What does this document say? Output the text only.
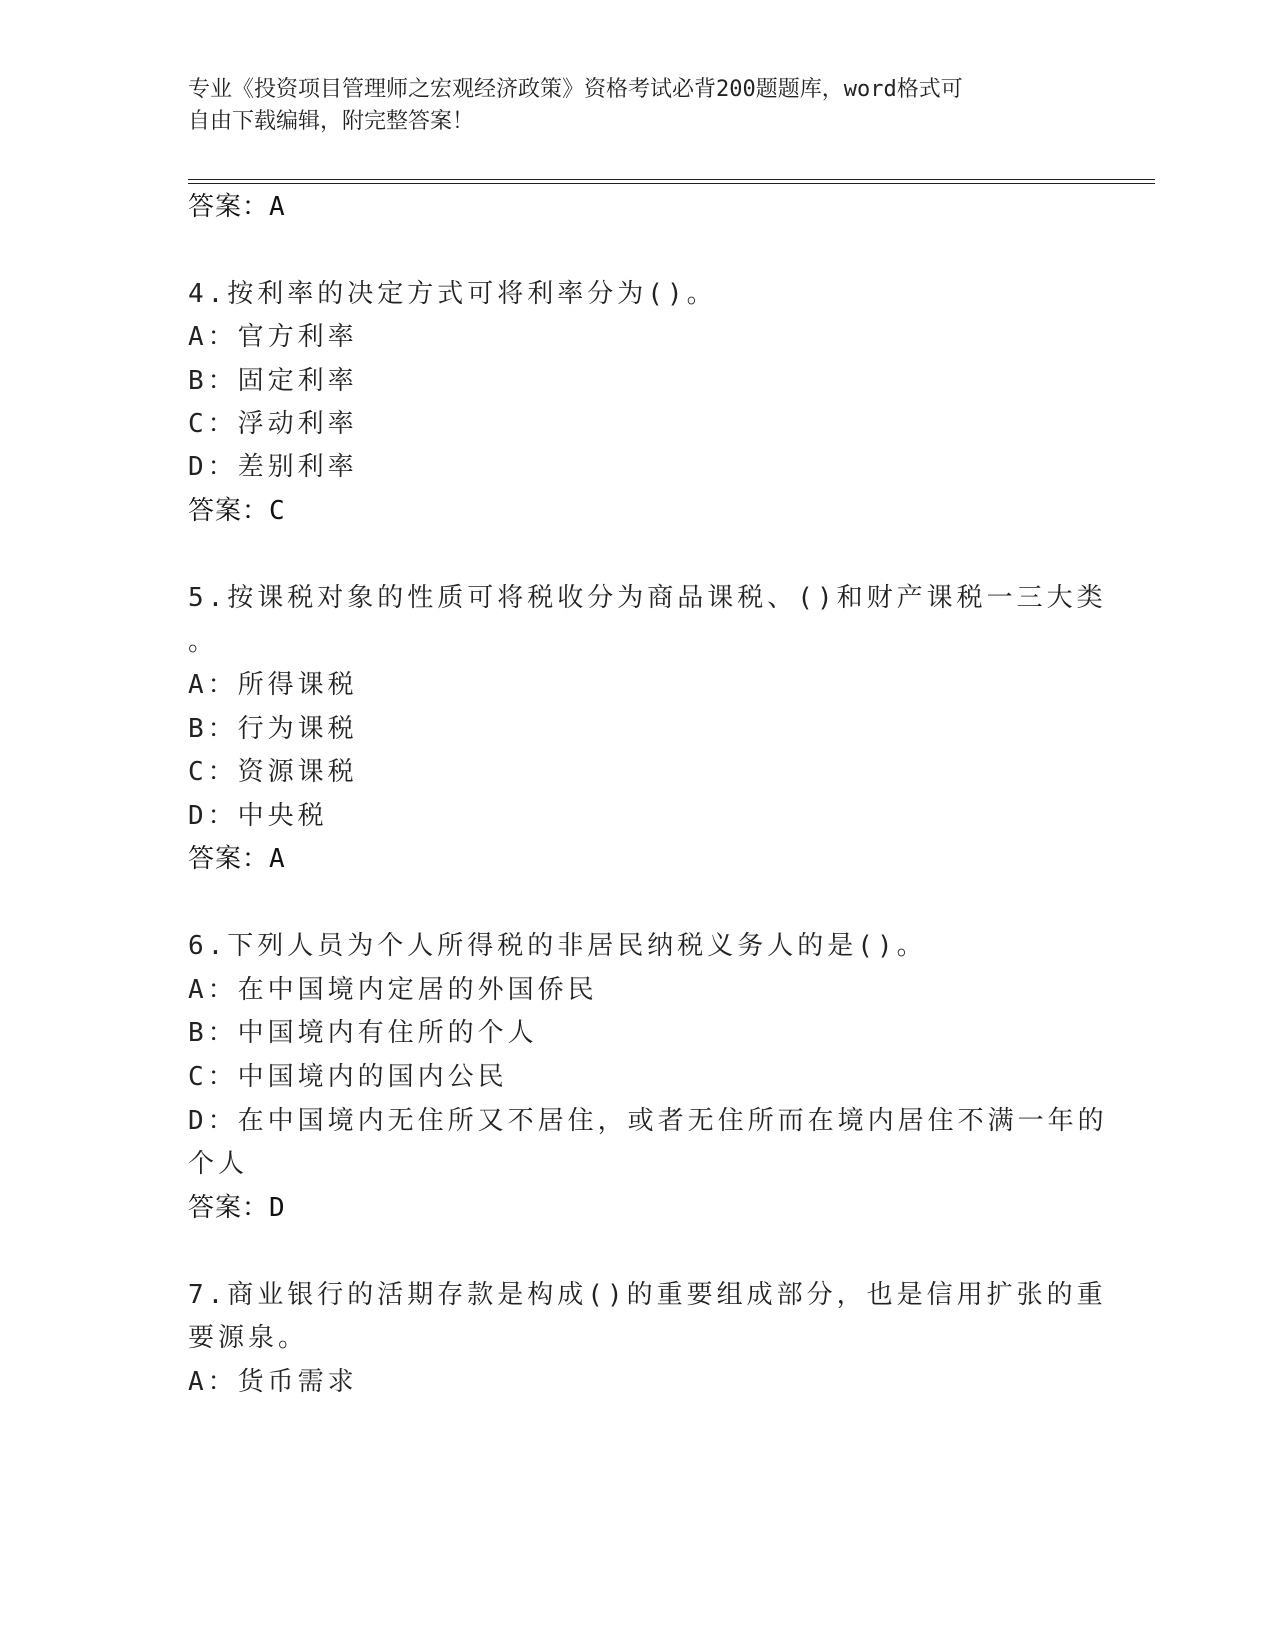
专业《投资项目管理师之宏观经济政策》资格考试必背200题题库，word格式可
自由下载编辑，附完整答案！
答案：A
4.按利率的决定方式可将利率分为()。
A：官方利率
B：固定利率
C：浮动利率
D：差别利率
答案：C
5.按课税对象的性质可将税收分为商品课税、()和财产课税一三大类
。
A：所得课税
B：行为课税
C：资源课税
D：中央税
答案：A
6.下列人员为个人所得税的非居民纳税义务人的是()。
A：在中国境内定居的外国侨民
B：中国境内有住所的个人
C：中国境内的国内公民
D：在中国境内无住所又不居住，或者无住所而在境内居住不满一年的
个人
答案：D
7.商业银行的活期存款是构成()的重要组成部分，也是信用扩张的重
要源泉。
A：货币需求
